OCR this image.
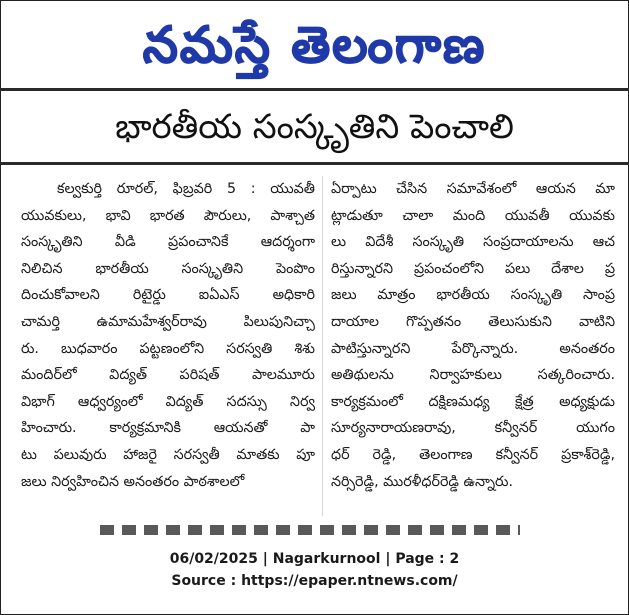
నమస్తే తెలంగాణ
భారతీయ సంస్కృతిని పెంచాలి
కల్వకుర్తి రూరల్, ఫిబ్రవరి 5 : యువతీ
యువకులు, భావి భారత పౌరులు, పాశ్చాత
సంస్కృతిని వీడి ప్రపంచానికే ఆదర్శంగా
నిలిచిన భారతీయ సంస్కృతిని పెంపొం
దించుకోవాలని రిటైర్డు ఐఏఎస్ అధికారి
చామర్తి ఉమామహేశ్వర్‌రావు పిలుపునిచ్చా
రు. బుధవారం పట్టణంలోని సరస్వతి శిశు
మందిర్‌లో విద్యత్ పరిషత్ పాలమూరు
విభాగ్ ఆధ్వర్యంలో విద్యత్ సదస్సు నిర్వ
హించారు. కార్యక్రమానికి ఆయనతో పా
టు పలువురు హాజరై సరస్వతీ మాతకు పూ
జలు నిర్వహించిన అనంతరం పాఠశాలలో
ఏర్పాటు చేసిన సమావేశంలో ఆయన మా
ట్లాడుతూ చాలా మంది యువతీ యువకు
లు విదేశీ సంస్కృతి సంప్రదాయాలను ఆచ
రిస్తున్నారని ప్రపంచంలోని పలు దేశాల ప్ర
జలు మాత్రం భారతీయ సంస్కృతి సాంప్ర
దాయాల గొప్పతనం తెలుసుకుని వాటిని
పాటిస్తున్నారని పేర్కొన్నారు. అనంతరం
అతిథులను నిర్వాహకులు సత్కరించారు.
కార్యక్రమంలో దక్షిణమధ్య క్షేత్ర అధ్యక్షుడు
సూర్యనారాయణరావు, కన్వీనర్ యుగం
ధర్ రెడ్డి, తెలంగాణ కన్వీనర్ ప్రకాశ్‌రెడ్డి,
నర్సిరెడ్డి, మురళీధర్‌రెడ్డి ఉన్నారు.
06/02/2025 | Nagarkurnool | Page : 2
Source : https://epaper.ntnews.com/
